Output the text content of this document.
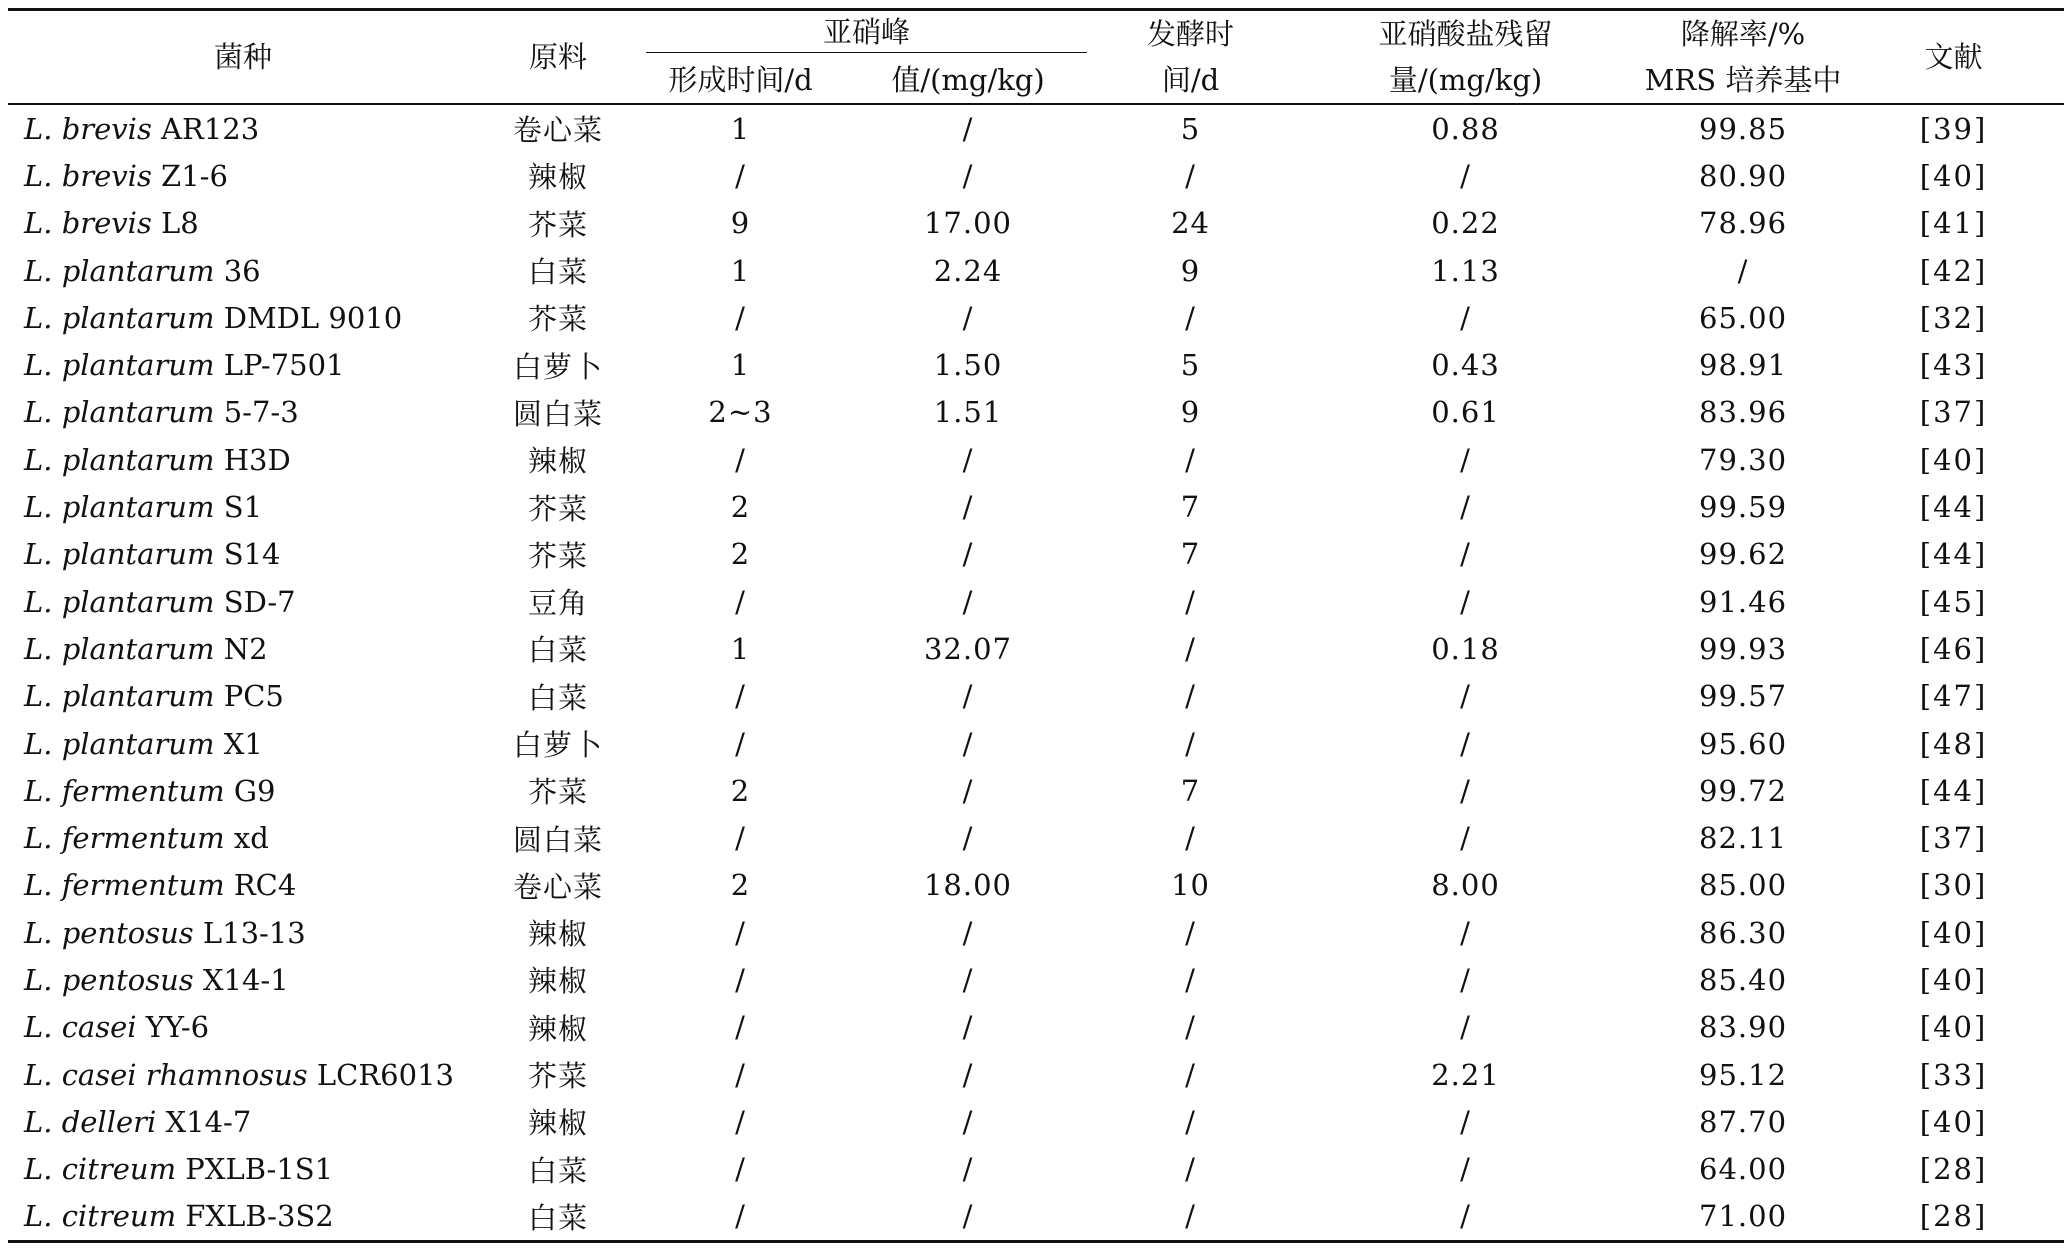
菌种	原料	亚硝峰		发酵时	亚硝酸盐残留	降解率/%	文献
		形成时间/d	值/(mg/kg)	间/d	量/(mg/kg)	MRS 培养基中	
L. brevis AR123	卷心菜	1	/	5	0.88	99.85	[39]
L. brevis Z1-6	辣椒	/	/	/	/	80.90	[40]
L. brevis L8	芥菜	9	17.00	24	0.22	78.96	[41]
L. plantarum 36	白菜	1	2.24	9	1.13	/	[42]
L. plantarum DMDL 9010	芥菜	/	/	/	/	65.00	[32]
L. plantarum LP-7501	白萝卜	1	1.50	5	0.43	98.91	[43]
L. plantarum 5-7-3	圆白菜	2~3	1.51	9	0.61	83.96	[37]
L. plantarum H3D	辣椒	/	/	/	/	79.30	[40]
L. plantarum S1	芥菜	2	/	7	/	99.59	[44]
L. plantarum S14	芥菜	2	/	7	/	99.62	[44]
L. plantarum SD-7	豆角	/	/	/	/	91.46	[45]
L. plantarum N2	白菜	1	32.07	/	0.18	99.93	[46]
L. plantarum PC5	白菜	/	/	/	/	99.57	[47]
L. plantarum X1	白萝卜	/	/	/	/	95.60	[48]
L. fermentum G9	芥菜	2	/	7	/	99.72	[44]
L. fermentum xd	圆白菜	/	/	/	/	82.11	[37]
L. fermentum RC4	卷心菜	2	18.00	10	8.00	85.00	[30]
L. pentosus L13-13	辣椒	/	/	/	/	86.30	[40]
L. pentosus X14-1	辣椒	/	/	/	/	85.40	[40]
L. casei YY-6	辣椒	/	/	/	/	83.90	[40]
L. casei rhamnosus LCR6013	芥菜	/	/	/	2.21	95.12	[33]
L. delleri X14-7	辣椒	/	/	/	/	87.70	[40]
L. citreum PXLB-1S1	白菜	/	/	/	/	64.00	[28]
L. citreum FXLB-3S2	白菜	/	/	/	/	71.00	[28]
